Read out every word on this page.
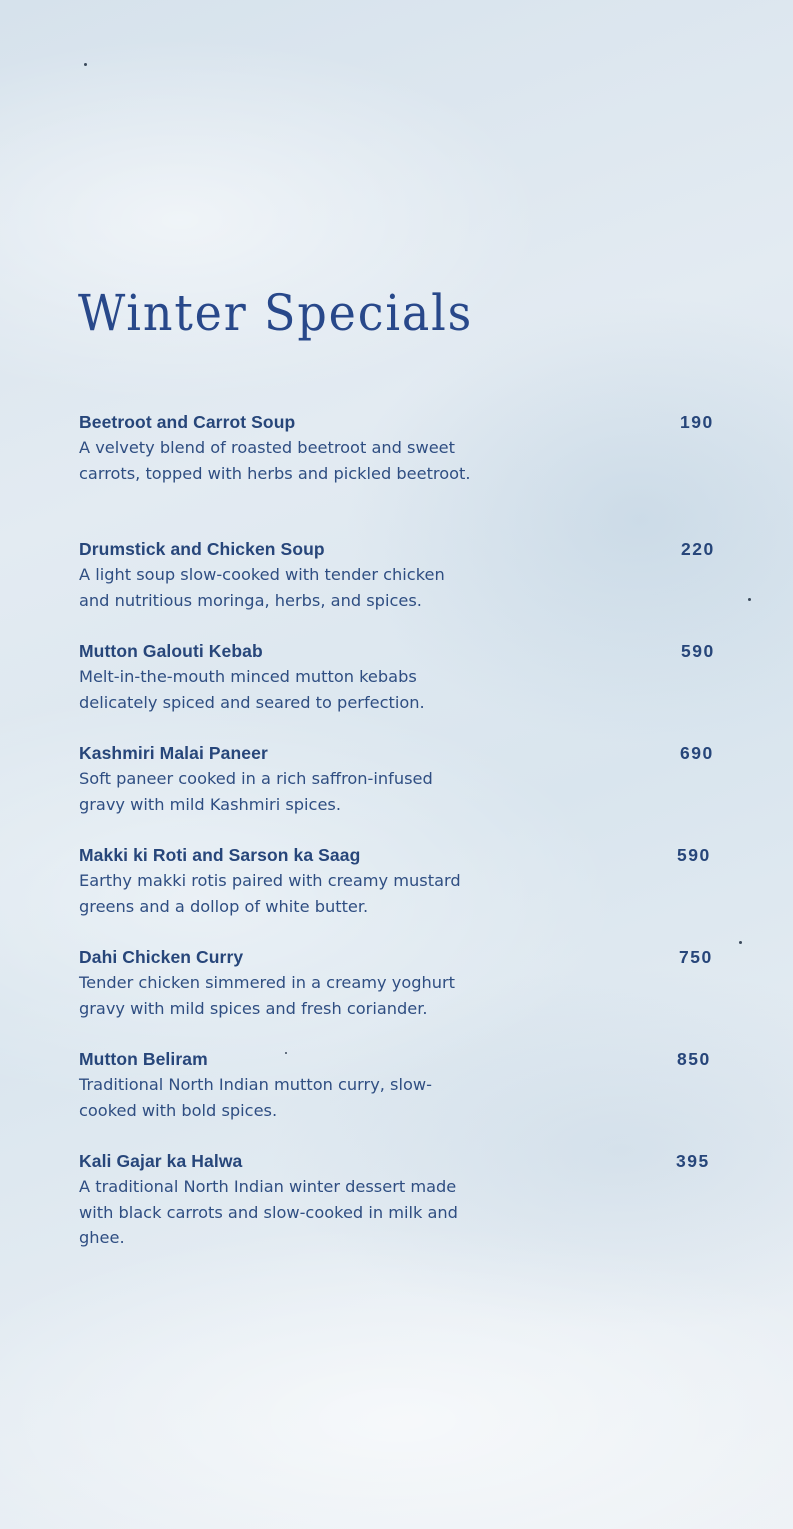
Winter Specials
Beetroot and Carrot Soup
A velvety blend of roasted beetroot and sweet carrots, topped with herbs and pickled beetroot.
190
Drumstick and Chicken Soup
A light soup slow-cooked with tender chicken and nutritious moringa, herbs, and spices.
220
Mutton Galouti Kebab
Melt-in-the-mouth minced mutton kebabs delicately spiced and seared to perfection.
590
Kashmiri Malai Paneer
Soft paneer cooked in a rich saffron-infused gravy with mild Kashmiri spices.
690
Makki ki Roti and Sarson ka Saag
Earthy makki rotis paired with creamy mustard greens and a dollop of white butter.
590
Dahi Chicken Curry
Tender chicken simmered in a creamy yoghurt gravy with mild spices and fresh coriander.
750
Mutton Beliram
Traditional North Indian mutton curry, slow-cooked with bold spices.
850
Kali Gajar ka Halwa
A traditional North Indian winter dessert made with black carrots and slow-cooked in milk and ghee.
395
